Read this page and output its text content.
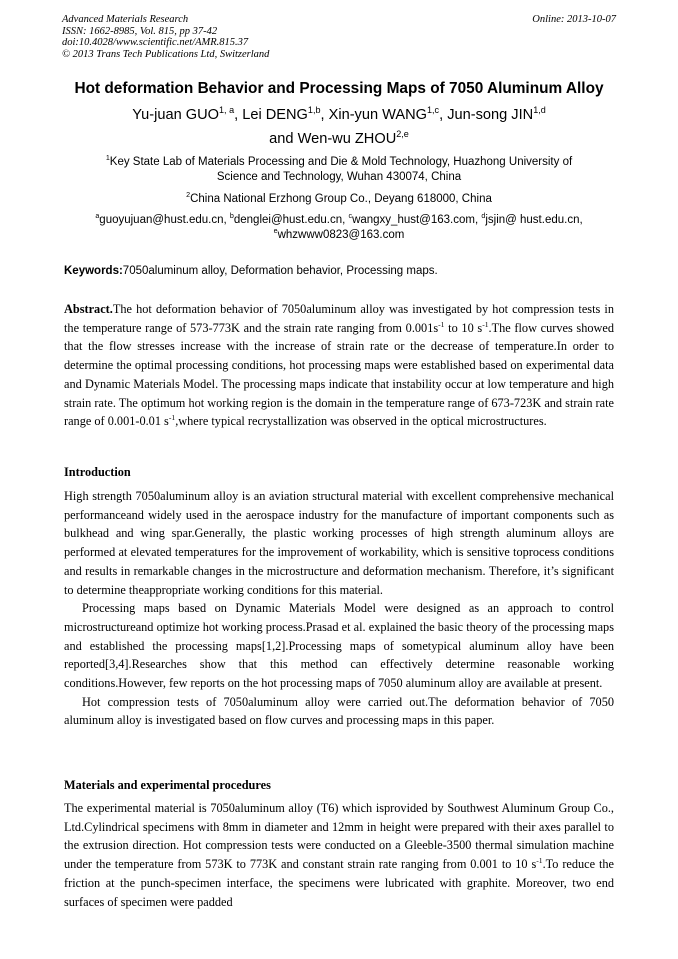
Advanced Materials Research
ISSN: 1662-8985, Vol. 815, pp 37-42
doi:10.4028/www.scientific.net/AMR.815.37
© 2013 Trans Tech Publications Ltd, Switzerland
Online: 2013-10-07
Hot deformation Behavior and Processing Maps of 7050 Aluminum Alloy
Yu-juan GUO$^{1, a}$, Lei DENG$^{1,b}$, Xin-yun WANG$^{1,c}$, Jun-song JIN$^{1,d}$
and Wen-wu ZHOU$^{2,e}$
$^1$Key State Lab of Materials Processing and Die & Mold Technology, Huazhong University of
Science and Technology, Wuhan 430074, China
$^2$China National Erzhong Group Co., Deyang 618000, China
$^a$guoyujuan@hust.edu.cn, $^b$denglei@hust.edu.cn, $^c$wangxy_hust@163.com, $^d$jsjin@ hust.edu.cn,
$^e$whzwww0823@163.com
Keywords:7050aluminum alloy, Deformation behavior, Processing maps.

Abstract.The hot deformation behavior of 7050aluminum alloy was investigated by hot compression tests in the temperature range of 573-773K and the strain rate ranging from $0.001s^{-1}$ to 10 $s^{-1}.The$ flow curves showed that the flow stresses increase with the increase of strain rate or the decrease of temperature.In order to determine the optimal processing conditions, hot processing maps were established based on experimental data and Dynamic Materials Model. The processing maps indicate that instability occur at low temperature and high strain rate. The optimum hot working region is the domain in the temperature range of 673-723K and strain rate range of 0.001-0.01 $s^{-1},where$ typical recrystallization was observed in the optical microstructures.

Introduction

High strength 7050aluminum alloy is an aviation structural material with excellent comprehensive mechanical performanceand widely used in the aerospace industry for the manufacture of important components such as bulkhead and wing spar.Generally, the plastic working processes of high strength aluminum alloys are performed at elevated temperatures for the improvement of workability, which is sensitive toprocess conditions and results in remarkable changes in the microstructure and deformation mechanism. Therefore, it’s significant to determine theappropriate working conditions for this material.

Processing maps based on Dynamic Materials Model were designed as an approach to control microstructureand optimize hot working process.Prasad et al. explained the basic theory of the processing maps and established the processing maps[1,2].Processing maps of sometypical aluminum alloy have been reported[3,4].Researches show that this method can effectively determine reasonable working conditions.However, few reports on the hot processing maps of 7050 aluminum alloy are available at present.

Hot compression tests of 7050aluminum alloy were carried out.The deformation behavior of 7050 aluminum alloy is investigated based on flow curves and processing maps in this paper.

Materials and experimental procedures

The experimental material is 7050aluminum alloy (T6) which isprovided by Southwest Aluminum Group Co., Ltd.Cylindrical specimens with 8mm in diameter and 12mm in height were prepared with their axes parallel to the extrusion direction. Hot compression tests were conducted on a Gleeble-3500 thermal simulation machine under the temperature from 573K to 773K and constant strain rate ranging from 0.001 to 10 $s^{-1}.To$ reduce the friction at the punch-specimen interface, the specimens were lubricated with graphite. Moreover, two end surfaces of specimen were padded
